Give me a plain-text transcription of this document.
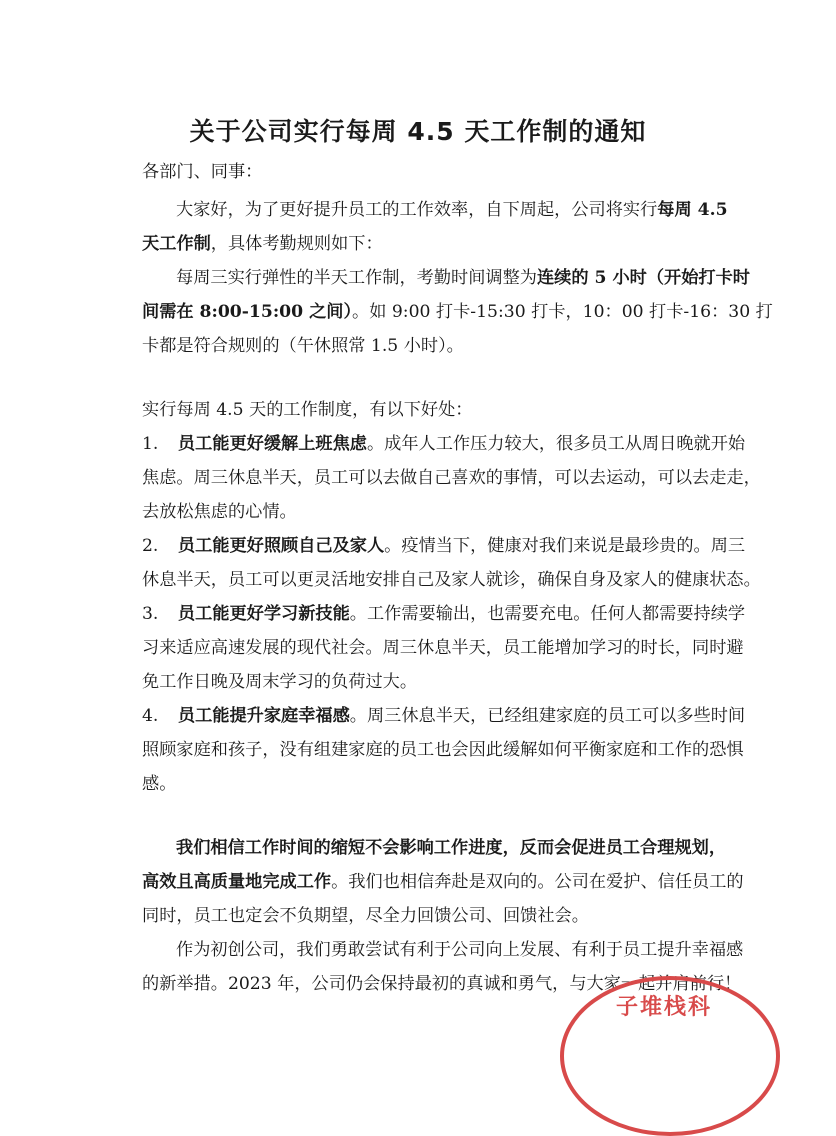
关于公司实行每周 4.5 天工作制的通知
各部门、同事：
大家好，为了更好提升员工的工作效率，自下周起，公司将实行每周 4.5
天工作制，具体考勤规则如下：
每周三实行弹性的半天工作制，考勤时间调整为连续的 5 小时（开始打卡时
间需在 8:00-15:00 之间）。如 9:00 打卡-15:30 打卡，10：00 打卡-16：30 打
卡都是符合规则的（午休照常 1.5 小时）。
实行每周 4.5 天的工作制度，有以下好处：
1. 员工能更好缓解上班焦虑。成年人工作压力较大，很多员工从周日晚就开始
焦虑。周三休息半天，员工可以去做自己喜欢的事情，可以去运动，可以去走走，
去放松焦虑的心情。
2. 员工能更好照顾自己及家人。疫情当下，健康对我们来说是最珍贵的。周三
休息半天，员工可以更灵活地安排自己及家人就诊，确保自身及家人的健康状态。
3. 员工能更好学习新技能。工作需要输出，也需要充电。任何人都需要持续学
习来适应高速发展的现代社会。周三休息半天，员工能增加学习的时长，同时避
免工作日晚及周末学习的负荷过大。
4. 员工能提升家庭幸福感。周三休息半天，已经组建家庭的员工可以多些时间
照顾家庭和孩子，没有组建家庭的员工也会因此缓解如何平衡家庭和工作的恐惧
感。
我们相信工作时间的缩短不会影响工作进度，反而会促进员工合理规划，
高效且高质量地完成工作。我们也相信奔赴是双向的。公司在爱护、信任员工的
同时，员工也定会不负期望，尽全力回馈公司、回馈社会。
作为初创公司，我们勇敢尝试有利于公司向上发展、有利于员工提升幸福感
的新举措。2023 年，公司仍会保持最初的真诚和勇气，与大家一起并肩前行！
子堆栈科
